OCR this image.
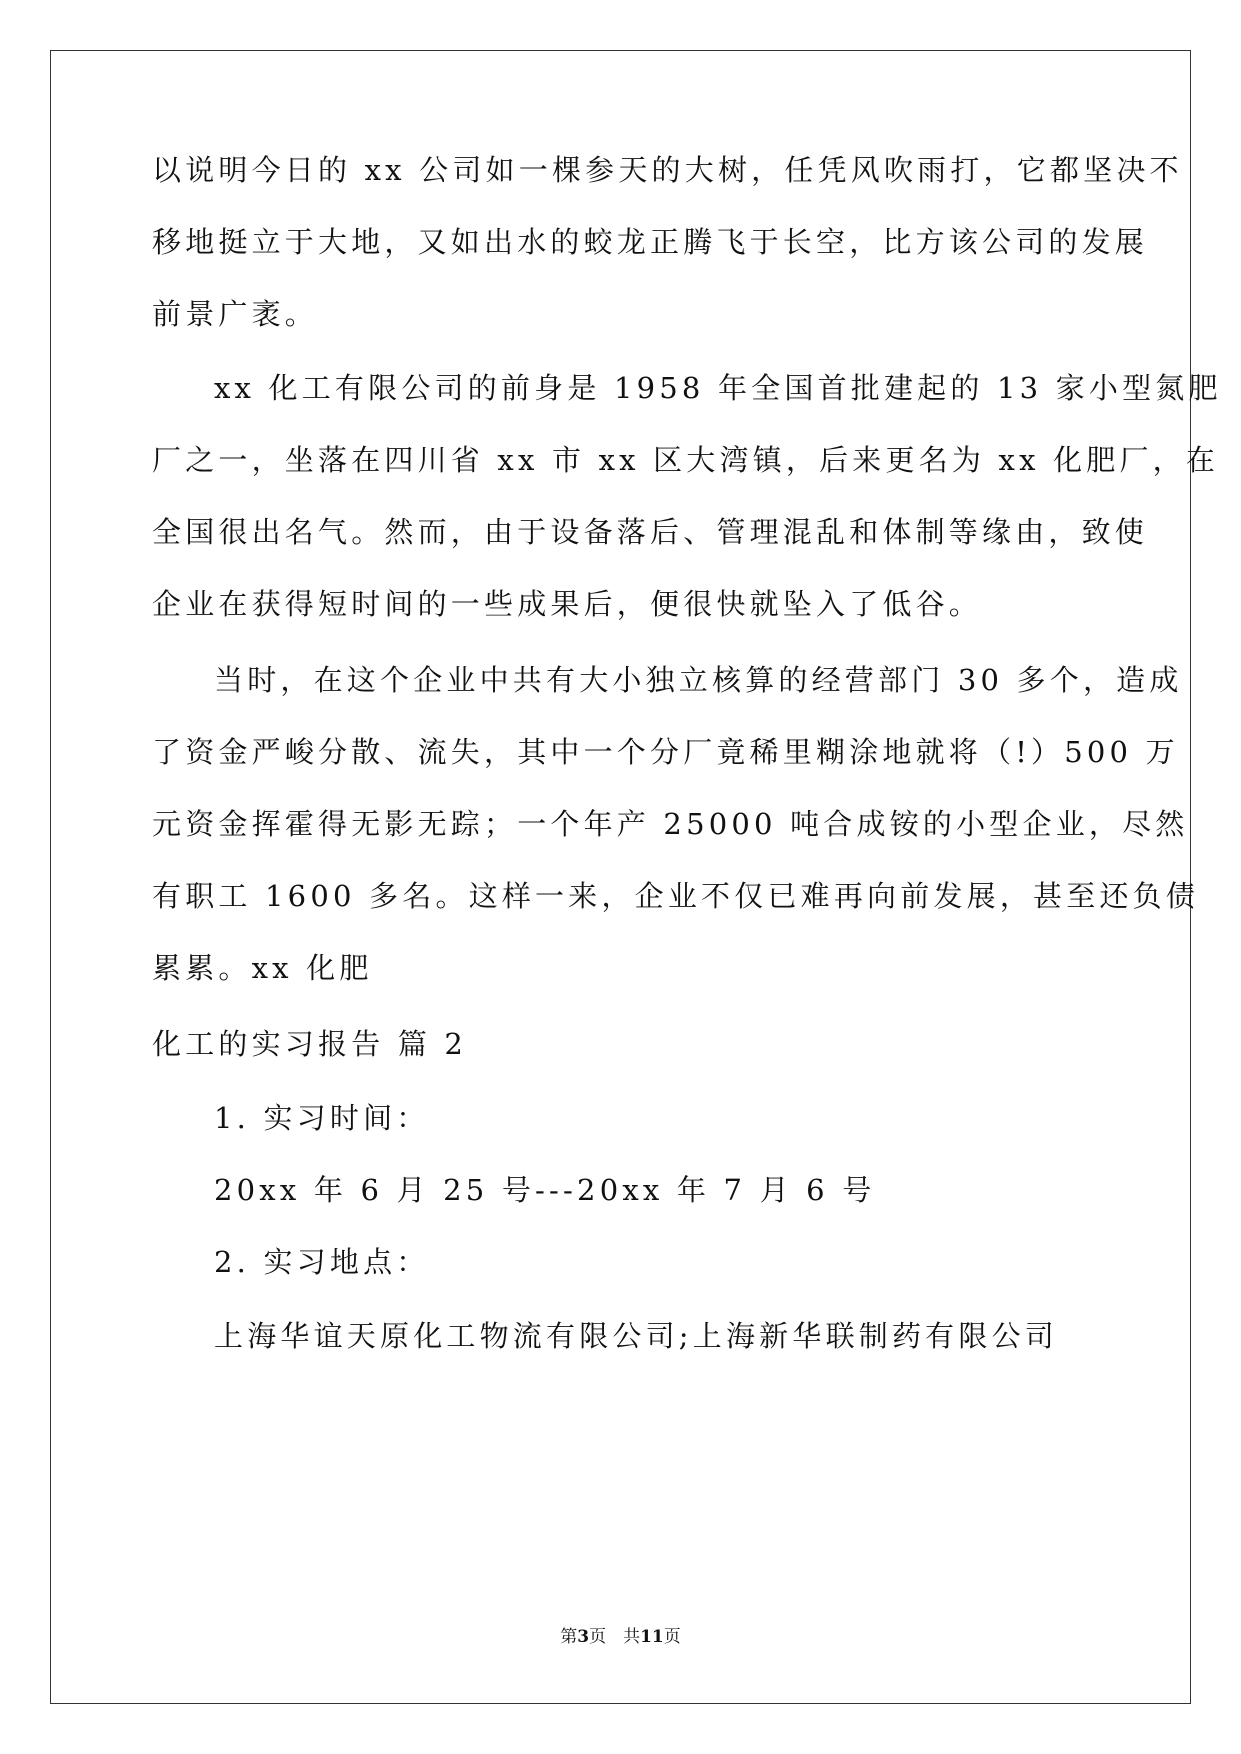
以说明今日的 xx 公司如一棵参天的大树，任凭风吹雨打，它都坚决不
移地挺立于大地，又如出水的蛟龙正腾飞于长空，比方该公司的发展
前景广袤。
xx 化工有限公司的前身是 1958 年全国首批建起的 13 家小型氮肥
厂之一，坐落在四川省 xx 市 xx 区大湾镇，后来更名为 xx 化肥厂，在
全国很出名气。然而，由于设备落后、管理混乱和体制等缘由，致使
企业在获得短时间的一些成果后，便很快就坠入了低谷。
当时，在这个企业中共有大小独立核算的经营部门 30 多个，造成
了资金严峻分散、流失，其中一个分厂竟稀里糊涂地就将（!）500 万
元资金挥霍得无影无踪；一个年产 25000 吨合成铵的小型企业，尽然
有职工 1600 多名。这样一来，企业不仅已难再向前发展，甚至还负债
累累。xx 化肥
化工的实习报告 篇 2
1. 实习时间：
20xx 年 6 月 25 号---20xx 年 7 月 6 号
2. 实习地点：
上海华谊天原化工物流有限公司;上海新华联制药有限公司
第3页　共11页
